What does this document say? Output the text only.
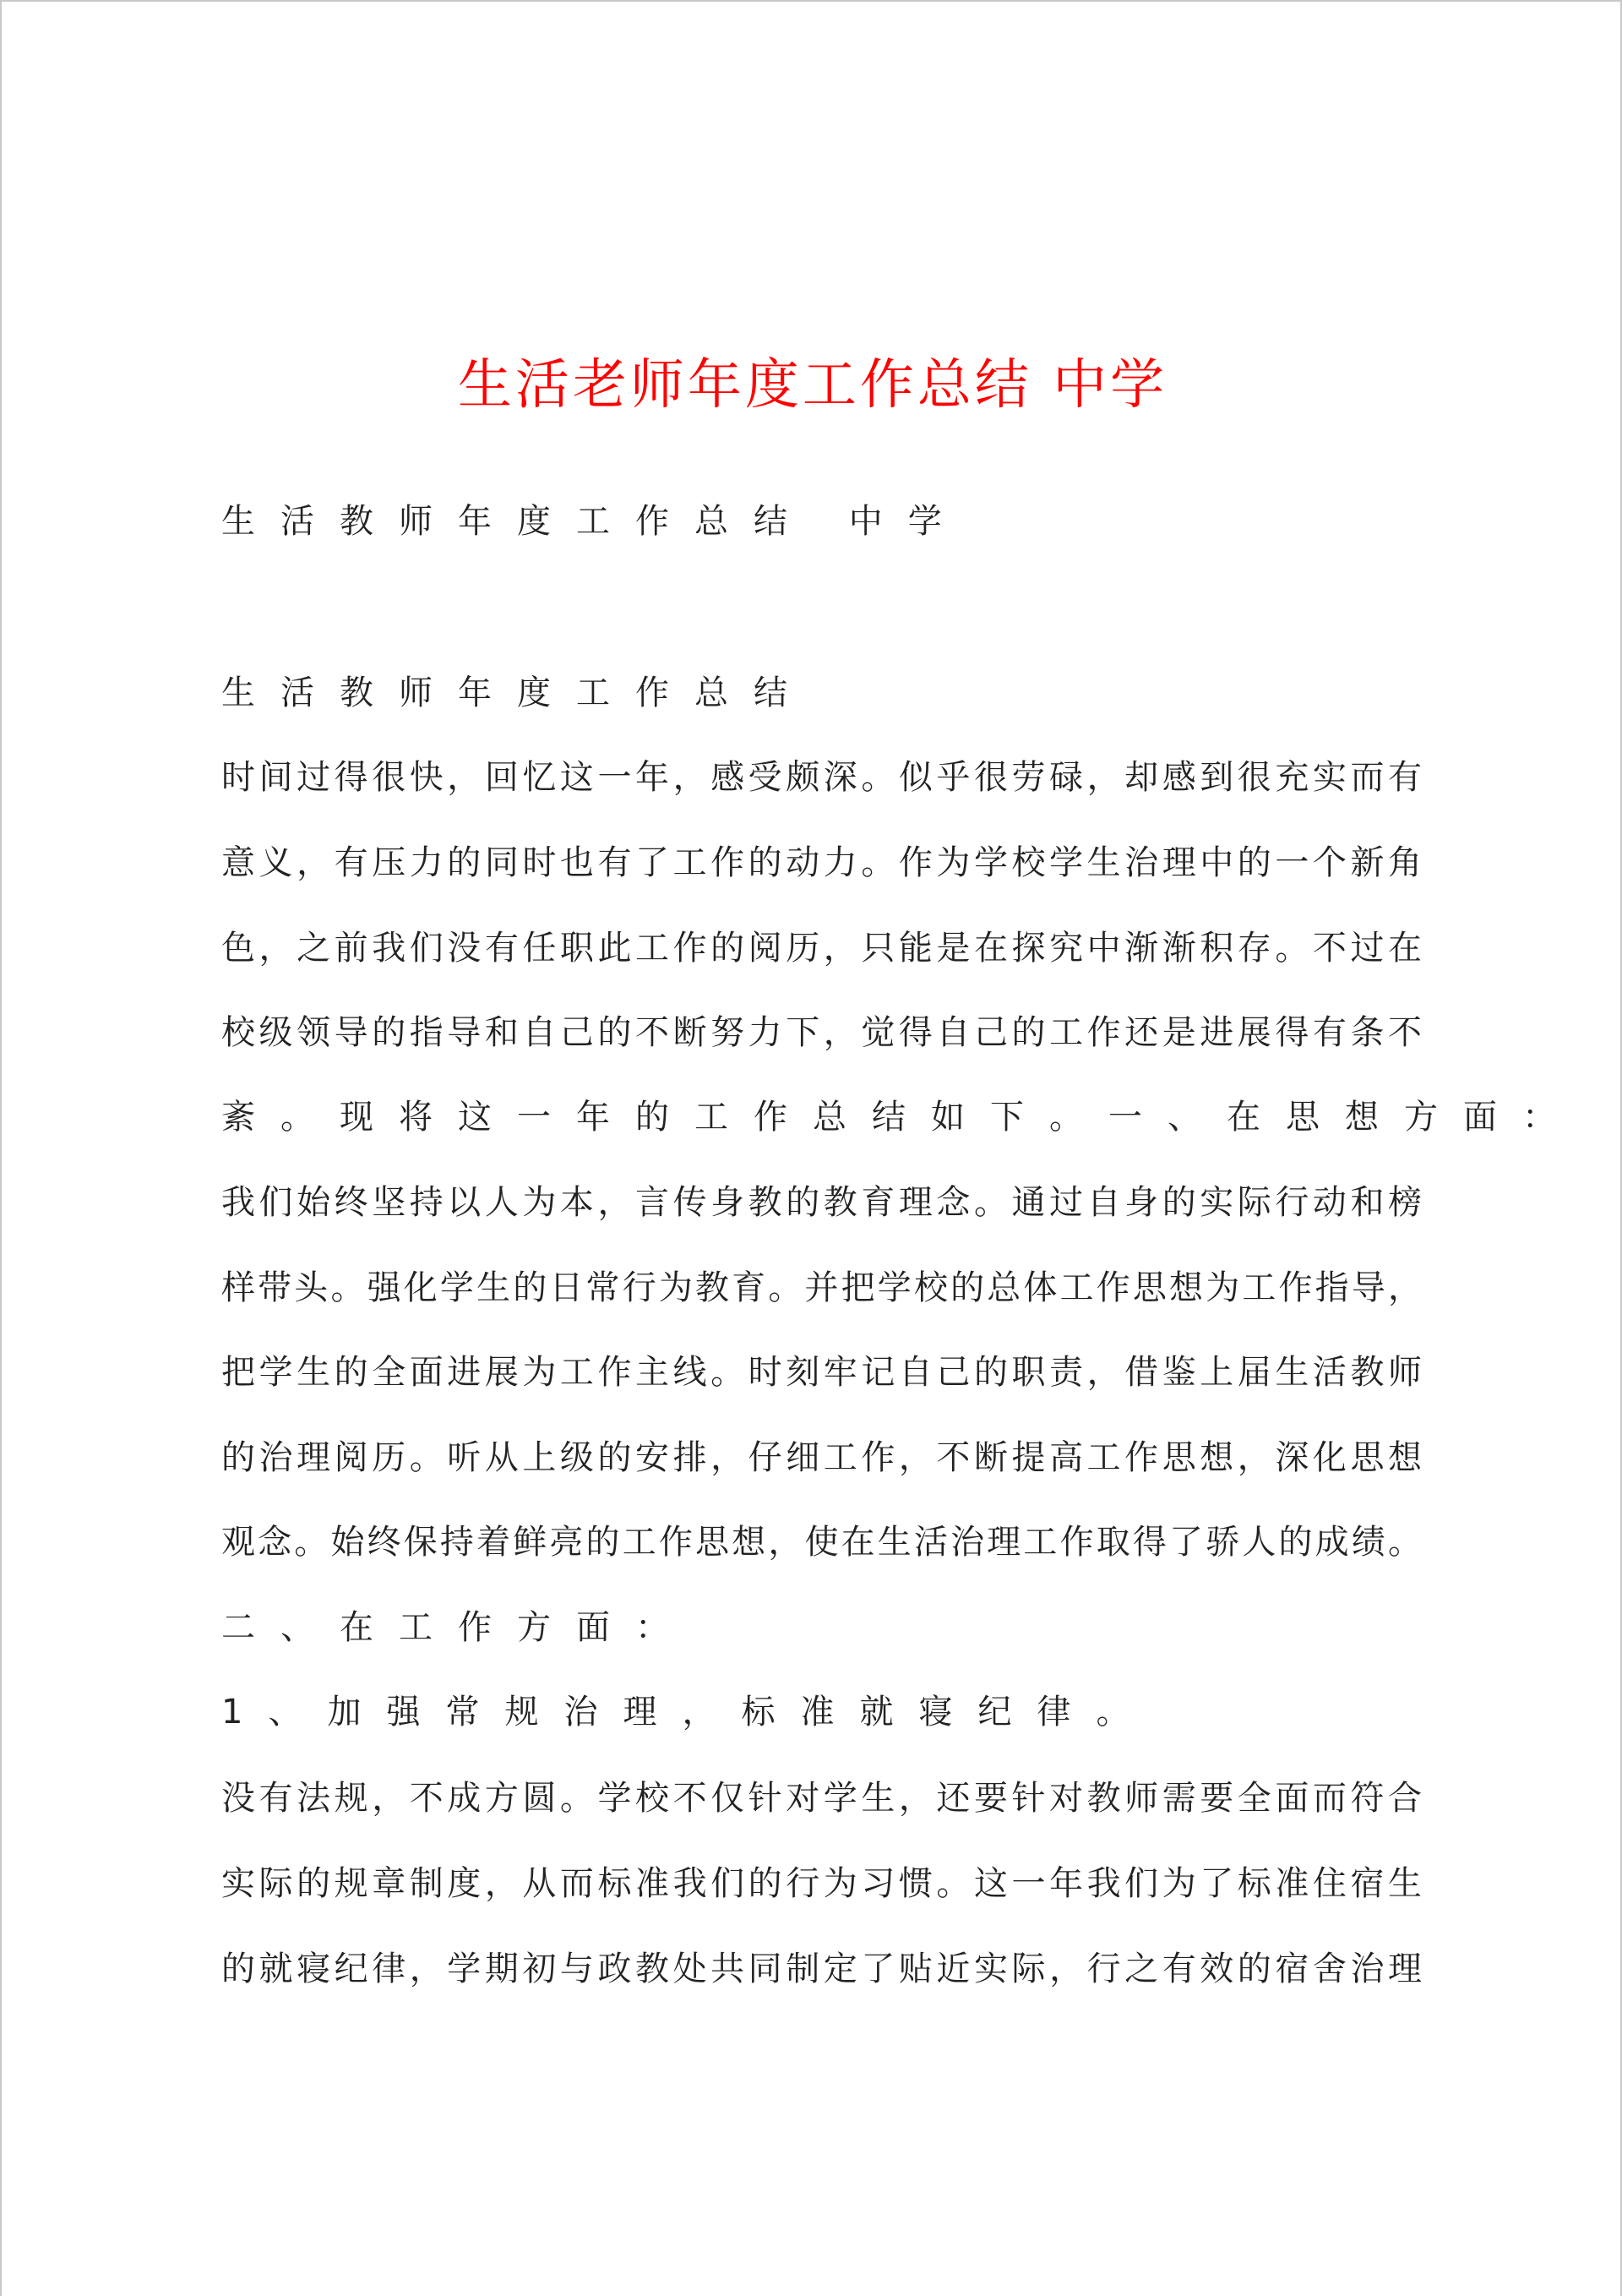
生活老师年度工作总结 中学
生活教师年度工作总结 中学
生活教师年度工作总结
时间过得很快，回忆这一年，感受颇深。似乎很劳碌，却感到很充实而有
意义，有压力的同时也有了工作的动力。作为学校学生治理中的一个新角
色，之前我们没有任职此工作的阅历，只能是在探究中渐渐积存。不过在
校级领导的指导和自己的不断努力下，觉得自己的工作还是进展得有条不
紊。现将这一年的工作总结如下。一、在思想方面：
我们始终坚持以人为本，言传身教的教育理念。通过自身的实际行动和榜
样带头。强化学生的日常行为教育。并把学校的总体工作思想为工作指导，
把学生的全面进展为工作主线。时刻牢记自己的职责，借鉴上届生活教师
的治理阅历。听从上级的安排，仔细工作，不断提高工作思想，深化思想
观念。始终保持着鲜亮的工作思想，使在生活治理工作取得了骄人的成绩。
二、在工作方面：
1、加强常规治理，标准就寝纪律。
没有法规，不成方圆。学校不仅针对学生，还要针对教师需要全面而符合
实际的规章制度，从而标准我们的行为习惯。这一年我们为了标准住宿生
的就寝纪律，学期初与政教处共同制定了贴近实际，行之有效的宿舍治理
